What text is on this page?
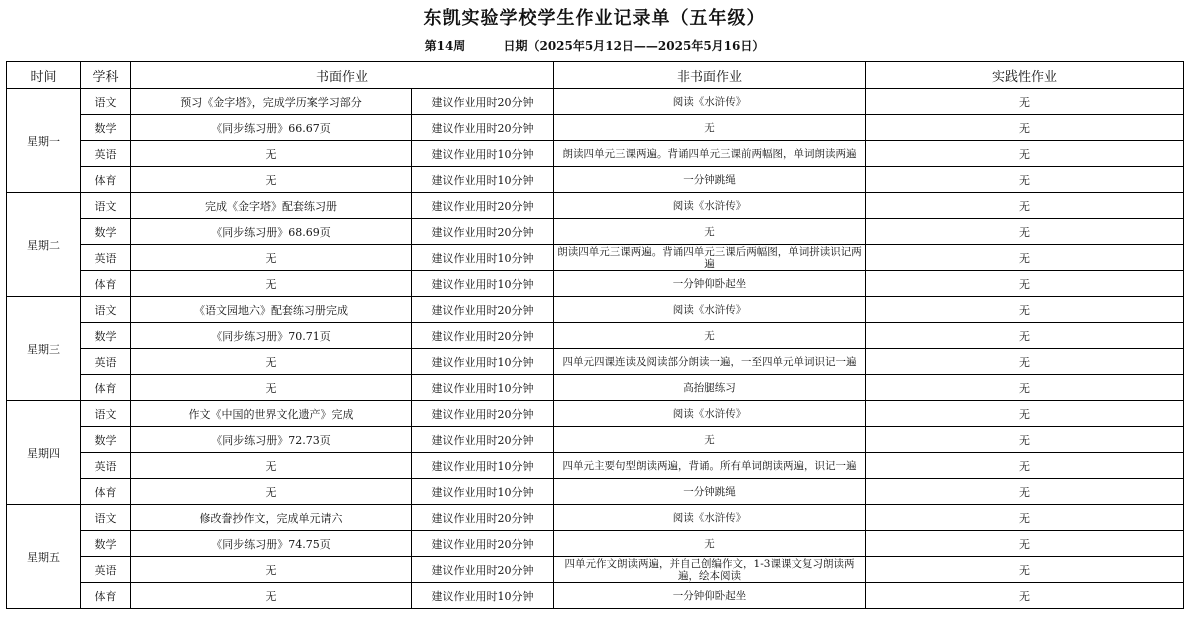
东凯实验学校学生作业记录单（五年级）
第14周	日期（2025年5月12日——2025年5月16日）
时间	学科	书面作业		非书面作业	实践性作业
星期一	语文	预习《金字塔》，完成学历案学习部分	建议作业用时20分钟	阅读《水浒传》	无
	数学	《同步练习册》66.67页	建议作业用时20分钟	无	无
	英语	无	建议作业用时10分钟	朗读四单元三课两遍。背诵四单元三课前两幅图，单词朗读两遍	无
	体育	无	建议作业用时10分钟	一分钟跳绳	无
星期二	语文	完成《金字塔》配套练习册	建议作业用时20分钟	阅读《水浒传》	无
	数学	《同步练习册》68.69页	建议作业用时20分钟	无	无
	英语	无	建议作业用时10分钟	朗读四单元三课两遍。背诵四单元三课后两幅图，单词拼读识记两遍	无
	体育	无	建议作业用时10分钟	一分钟仰卧起坐	无
星期三	语文	《语文园地六》配套练习册完成	建议作业用时20分钟	阅读《水浒传》	无
	数学	《同步练习册》70.71页	建议作业用时20分钟	无	无
	英语	无	建议作业用时10分钟	四单元四课连读及阅读部分朗读一遍，一至四单元单词识记一遍	无
	体育	无	建议作业用时10分钟	高抬腿练习	无
星期四	语文	作文《中国的世界文化遗产》完成	建议作业用时20分钟	阅读《水浒传》	无
	数学	《同步练习册》72.73页	建议作业用时20分钟	无	无
	英语	无	建议作业用时10分钟	四单元主要句型朗读两遍，背诵。所有单词朗读两遍，识记一遍	无
	体育	无	建议作业用时10分钟	一分钟跳绳	无
星期五	语文	修改誊抄作文，完成单元请六	建议作业用时20分钟	阅读《水浒传》	无
	数学	《同步练习册》74.75页	建议作业用时20分钟	无	无
	英语	无	建议作业用时20分钟	四单元作文朗读两遍，并自己创编作文，1-3课课文复习朗读两遍，绘本阅读	无
	体育	无	建议作业用时10分钟	一分钟仰卧起坐	无
